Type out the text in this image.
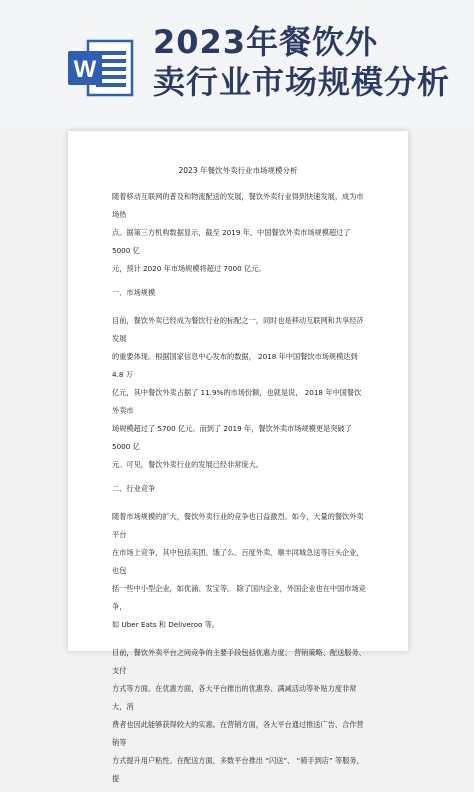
W
2023年餐饮外
卖行业市场规模分析
2023 年餐饮外卖行业市场规模分析
随着移动互联网的普及和物流配送的发展，餐饮外卖行业得到快速发展，成为市场热
点。据第三方机构数据显示，截至 2019 年，中国餐饮外卖市场规模超过了 5000 亿
元，预计 2020 年市场规模将超过 7000 亿元。
一、市场规模
目前，餐饮外卖已经成为餐饮行业的标配之一，同时也是移动互联网和共享经济发展
的重要体现。根据国家信息中心发布的数据， 2018 年中国餐饮市场规模达到 4.8 万
亿元，其中餐饮外卖占据了 11.9%的市场份额，也就是说， 2018 年中国餐饮外卖市
场规模超过了 5700 亿元。而到了 2019 年，餐饮外卖市场规模更是突破了 5000 亿
元。可见，餐饮外卖行业的发展已经非常庞大。
二、行业竞争
随着市场规模的扩大，餐饮外卖行业的竞争也日益激烈。如今，大量的餐饮外卖平台
在市场上竞争，其中包括美团、饿了么、百度外卖、顺丰同城急送等巨头企业，也包
括一些中小型企业，如优涌、发宝等。 除了国内企业，外国企业也在中国市场竞争，
如 Uber Eats 和 Deliveroo 等。
目前，餐饮外卖平台之间竞争的主要手段包括优惠力度、 营销策略、配送服务、支付
方式等方面。在优惠方面，各大平台推出的优惠券、满减活动等补贴力度非常大，消
费者也因此能够获得较大的实惠。在营销方面，各大平台通过推送广告、合作营销等
方式提升用户粘性。在配送方面，多数平台推出 “闪送”、 “骑手到店” 等服务，提
